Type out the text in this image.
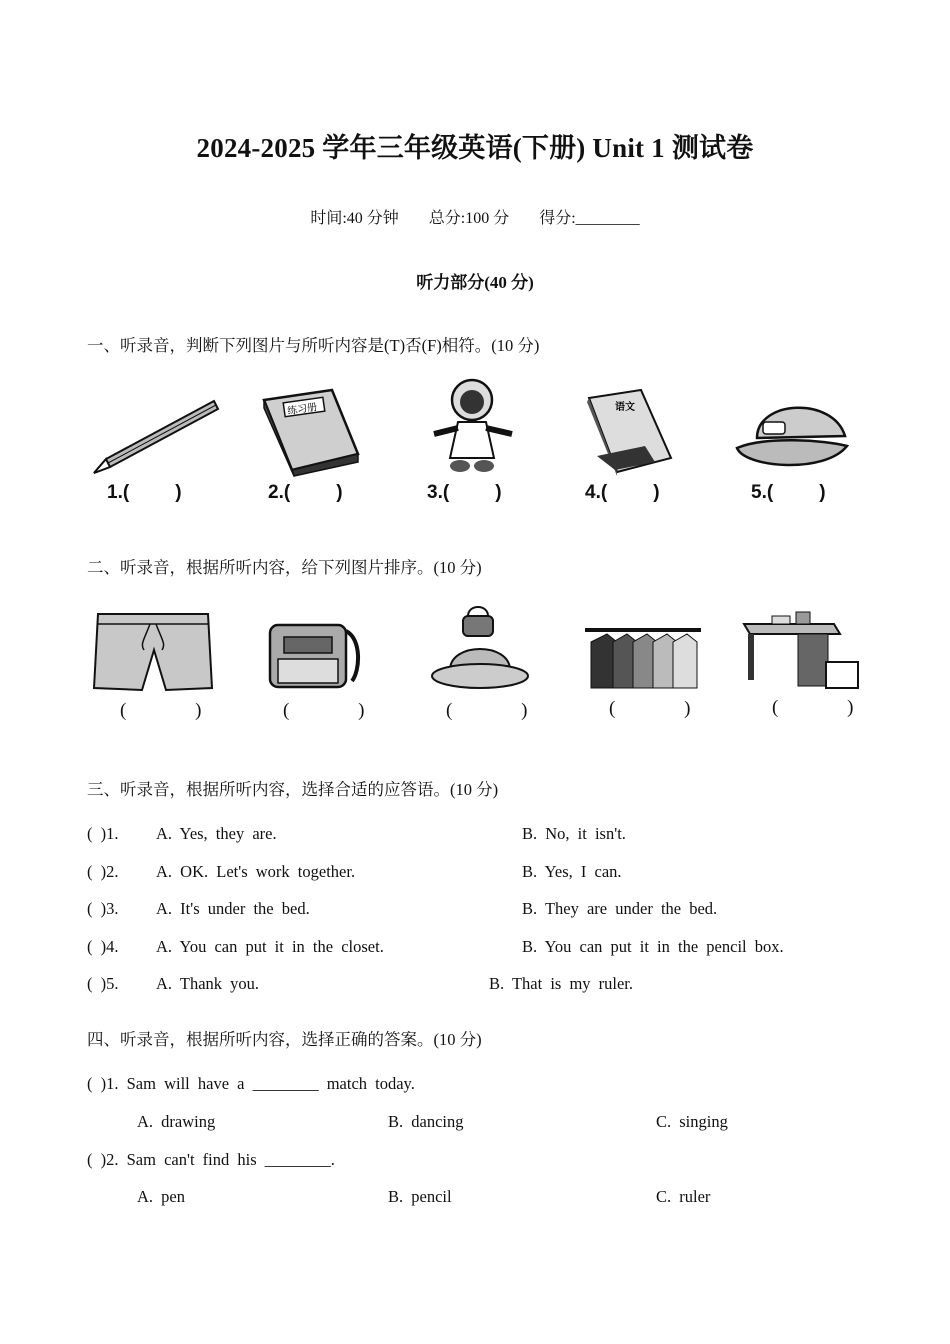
2024-2025 学年三年级英语(下册) Unit 1 测试卷
时间:40 分钟 总分:100 分 得分:________
听力部分(40 分)
一、听录音，判断下列图片与所听内容是(T)否(F)相符。(10 分)
练习册	语文
1.( )	2.( )	3.( )	4.( )	5.( )
二、听录音，根据所听内容，给下列图片排序。(10 分)
( )	( )	( )	( )	( )
三、听录音，根据所听内容，选择合适的应答语。(10 分)
( )1. A. Yes, they are.	B. No, it isn't.
( )2. A. OK. Let's work together.	B. Yes, I can.
( )3. A. It's under the bed.	B. They are under the bed.
( )4. A. You can put it in the closet.	B. You can put it in the pencil box.
( )5. A. Thank you.	B. That is my ruler.
四、听录音，根据所听内容，选择正确的答案。(10 分)
( )1. Sam will have a ________ match today.
A. drawing	B. dancing	C. singing
( )2. Sam can't find his ________.
A. pen	B. pencil	C. ruler
